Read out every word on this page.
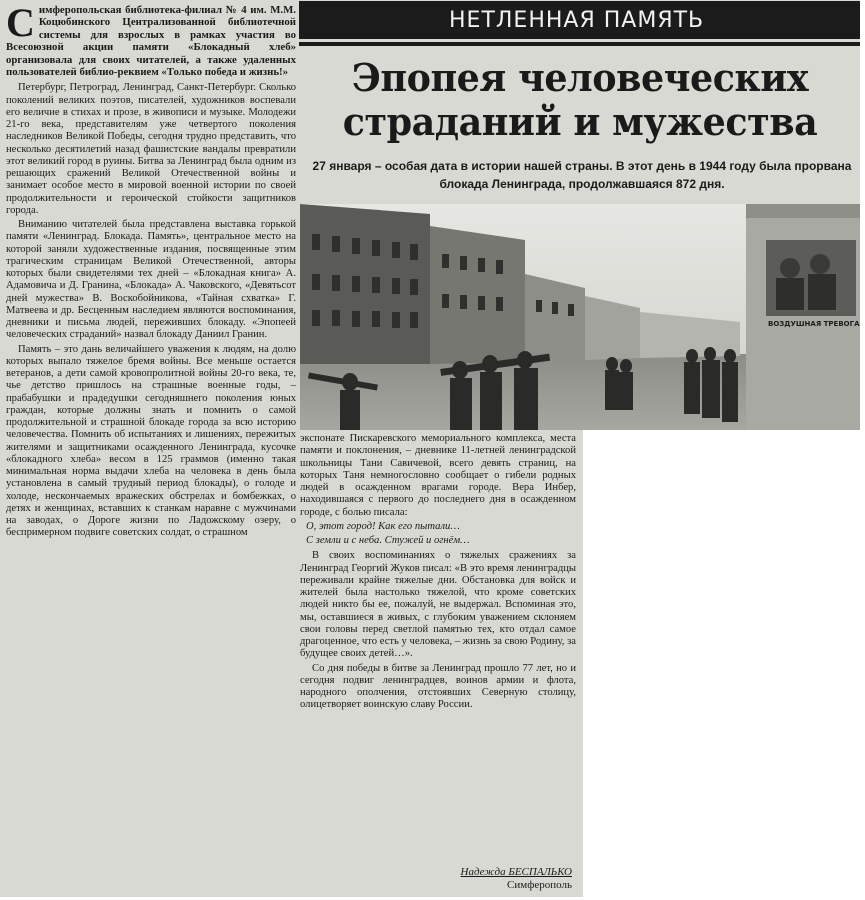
Симферопольская библиотека-филиал № 4 им. М.М. Коцюбинского Централизованной библиотечной системы для взрослых в рамках участия во Всесоюзной акции памяти «Блокадный хлеб» организовала для своих читателей, а также удаленных пользователей библио-реквием «Только победа и жизнь!»

Петербург, Петроград, Ленинград, Санкт-Петербург. Сколько поколений великих поэтов, писателей, художников воспевали его величие в стихах и прозе, в живописи и музыке. Молодежи 21-го века, представителям уже четвертого поколения наследников Великой Победы, сегодня трудно представить, что несколько десятилетий назад фашистские вандалы превратили этот великий город в руины. Битва за Ленинград была одним из решающих сражений Великой Отечественной войны и занимает особое место в мировой военной истории по своей продолжительности и героической стойкости защитников города.

Вниманию читателей была представлена выставка горькой памяти «Ленинград. Блокада. Память», центральное место на которой заняли художественные издания, посвященные этим трагическим страницам Великой Отечественной, авторы которых были свидетелями тех дней – «Блокадная книга» А. Адамовича и Д. Гранина, «Блокада» А. Чаковского, «Девятьсот дней мужества» В. Воскобойникова, «Тайная схватка» Г. Матвеева и др. Бесценным наследием являются воспоминания, дневники и письма людей, переживших блокаду. «Эпопеей человеческих страданий» назвал блокаду Даниил Гранин.

Память – это дань величайшего уважения к людям, на долю которых выпало тяжелое бремя войны. Все меньше остается ветеранов, а дети самой кровопролитной войны 20-го века, те, чье детство пришлось на страшные военные годы, – прабабушки и прадедушки сегодняшнего поколения юных граждан, которые должны знать и помнить о самой продолжительной и страшной блокаде города за всю историю человечества. Помнить об испытаниях и лишениях, пережитых жителями и защитниками осажденного Ленинграда, кусочке «блокадного хлеба» весом в 125 граммов (именно такая минимальная норма выдачи хлеба на человека в день была установлена в самый трудный период блокады), о голоде и холоде, нескончаемых вражеских обстрелах и бомбежках, о детях и женщинах, вставших к станкам наравне с мужчинами на заводах, о Дороге жизни по Ладожскому озеру, о беспримерном подвиге советских солдат, о страшном

НЕТЛЕННАЯ ПАМЯТЬ
Эпопея человеческих
страданий и мужества
27 января – особая дата в истории нашей страны. В этот день в 1944 году была прорвана блокада Ленинграда, продолжавшаяся 872 дня.
ВОЗДУШНАЯ ТРЕВОГА

экспонате Пискаревского мемориального комплекса, места памяти и поклонения, – дневнике 11-летней ленинградской школьницы Тани Савичевой, всего девять страниц, на которых Таня немногословно сообщает о гибели родных людей в осажденном врагами городе. Вера Инбер, находившаяся с первого до последнего дня в осажденном городе, с болью писала:

О, этот город! Как его пытали…

С земли и с неба. Стужей и огнём…

В своих воспоминаниях о тяжелых сражениях за Ленинград Георгий Жуков писал: «В это время ленинградцы переживали крайне тяжелые дни. Обстановка для войск и жителей была настолько тяжелой, что кроме советских людей никто бы ее, пожалуй, не выдержал. Вспоминая это, мы, оставшиеся в живых, с глубоким уважением склоняем свои головы перед светлой памятью тех, кто отдал самое драгоценное, что есть у человека, – жизнь за свою Родину, за будущее своих детей…».

Со дня победы в битве за Ленинград прошло 77 лет, но и сегодня подвиг ленинградцев, воинов армии и флота, народного ополчения, отстоявших Северную столицу, олицетворяет воинскую славу России.

Надежда БЕСПАЛЬКО
Симферополь
